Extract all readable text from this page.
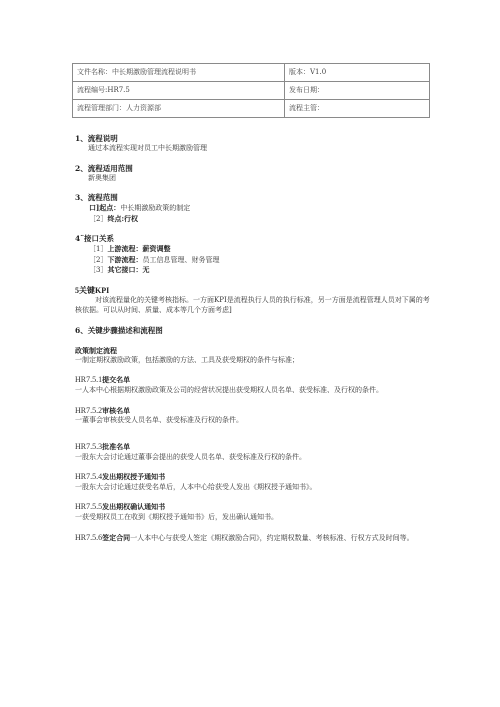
文件名称：中长期激励管理流程说明书	版本：V1.0
流程编号:HR7.5	发布日期：
流程管理部门：人力资源部	流程主管：
1、流程说明
通过本流程实现对员工中长期激励管理
2、流程适用范围
新奥集团
3、流程范围
口]起点：中长期激励政策的制定
［2］终点:行权
4¨接口关系
［1］上游流程：薪资调整
［2］下游流程：员工信息管理、财务管理
［3］其它接口：无
5关键KPI
对该流程量化的关键考核指标。一方面KPI是流程执行人员的执行标准，另一方面是流程管理人员对下属的考核依据。可以从时间、质量、成本等几个方面考虑]
6、关键步骤描述和流程图
政策制定流程
一制定期权激励政策，包括激励的方法、工具及获受期权的条件与标准；
HR7.5.1提交名单
一人本中心根据期权激励政策及公司的经营状况提出获受期权人员名单、获受标准、及行权的条件。
HR7.5.2审核名单
一董事会审核获受人员名单、获受标准及行权的条件。
HR7.5.3批准名单
一股东大会讨论通过董事会提出的获受人员名单、获受标准及行权的条件。
HR7.5.4发出期权授予通知书
一股东大会讨论通过获受名单后，人本中心给获受人发出《期权授予通知书》。
HR7.5.5发出期权确认通知书
一获受期权员工在收到《期权授予通知书》后，发出确认通知书。
HR7.5.6签定合同一人本中心与获受人签定《期权激励合同》，约定期权数量、考核标准、行权方式及时间等。
